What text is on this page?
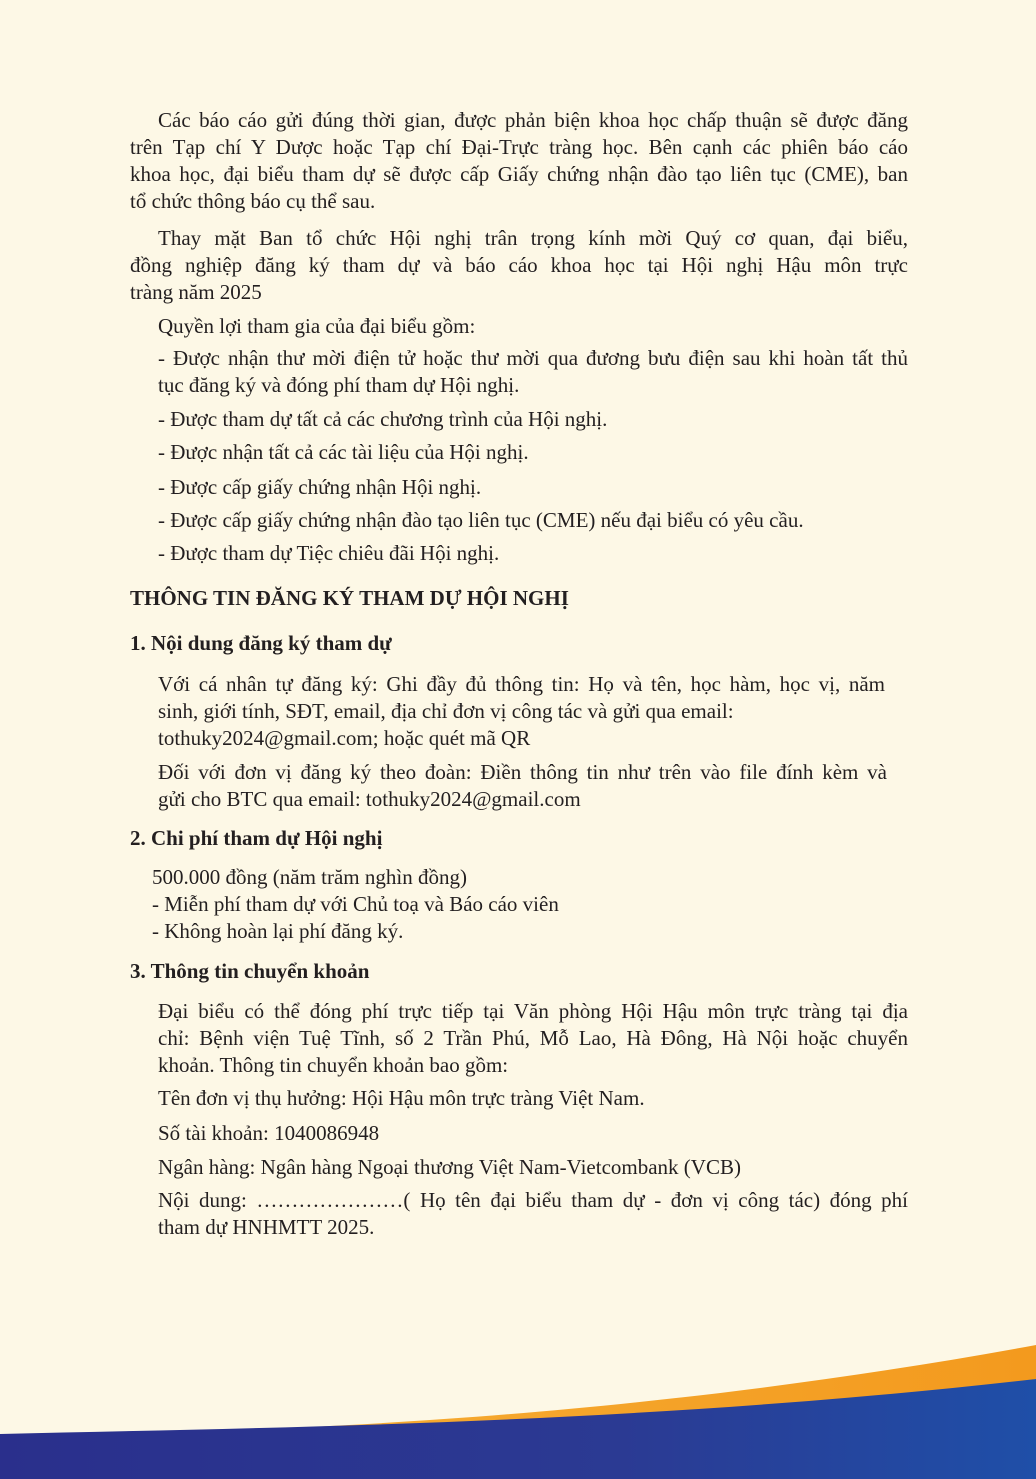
Các báo cáo gửi đúng thời gian, được phản biện khoa học chấp thuận sẽ được đăng
trên Tạp chí Y Dược hoặc Tạp chí Đại-Trực tràng học. Bên cạnh các phiên báo cáo
khoa học, đại biểu tham dự sẽ được cấp Giấy chứng nhận đào tạo liên tục (CME), ban
tổ chức thông báo cụ thể sau.
Thay mặt Ban tổ chức Hội nghị trân trọng kính mời Quý cơ quan, đại biểu,
đồng nghiệp đăng ký tham dự và báo cáo khoa học tại Hội nghị Hậu môn trực
tràng năm 2025
Quyền lợi tham gia của đại biểu gồm:
- Được nhận thư mời điện tử hoặc thư mời qua đương bưu điện sau khi hoàn tất thủ
tục đăng ký và đóng phí tham dự Hội nghị.
- Được tham dự tất cả các chương trình của Hội nghị.
- Được nhận tất cả các tài liệu của Hội nghị.
- Được cấp giấy chứng nhận Hội nghị.
- Được cấp giấy chứng nhận đào tạo liên tục (CME) nếu đại biểu có yêu cầu.
- Được tham dự Tiệc chiêu đãi Hội nghị.
THÔNG TIN ĐĂNG KÝ THAM DỰ HỘI NGHỊ
1. Nội dung đăng ký tham dự
Với cá nhân tự đăng ký: Ghi đầy đủ thông tin: Họ và tên, học hàm, học vị, năm
sinh, giới tính, SĐT, email, địa chỉ đơn vị công tác và gửi qua email:
tothuky2024@gmail.com; hoặc quét mã QR
Đối với đơn vị đăng ký theo đoàn: Điền thông tin như trên vào file đính kèm và
gửi cho BTC qua email: tothuky2024@gmail.com
2. Chi phí tham dự Hội nghị
500.000 đồng (năm trăm nghìn đồng)
- Miễn phí tham dự với Chủ toạ và Báo cáo viên
- Không hoàn lại phí đăng ký.
3. Thông tin chuyển khoản
Đại biểu có thể đóng phí trực tiếp tại Văn phòng Hội Hậu môn trực tràng tại địa
chỉ: Bệnh viện Tuệ Tĩnh, số 2 Trần Phú, Mỗ Lao, Hà Đông, Hà Nội hoặc chuyển
khoản. Thông tin chuyển khoản bao gồm:
Tên đơn vị thụ hưởng: Hội Hậu môn trực tràng Việt Nam.
Số tài khoản: 1040086948
Ngân hàng: Ngân hàng Ngoại thương Việt Nam-Vietcombank (VCB)
Nội dung: …………………( Họ tên đại biểu tham dự - đơn vị công tác) đóng phí
tham dự HNHMTT 2025.
